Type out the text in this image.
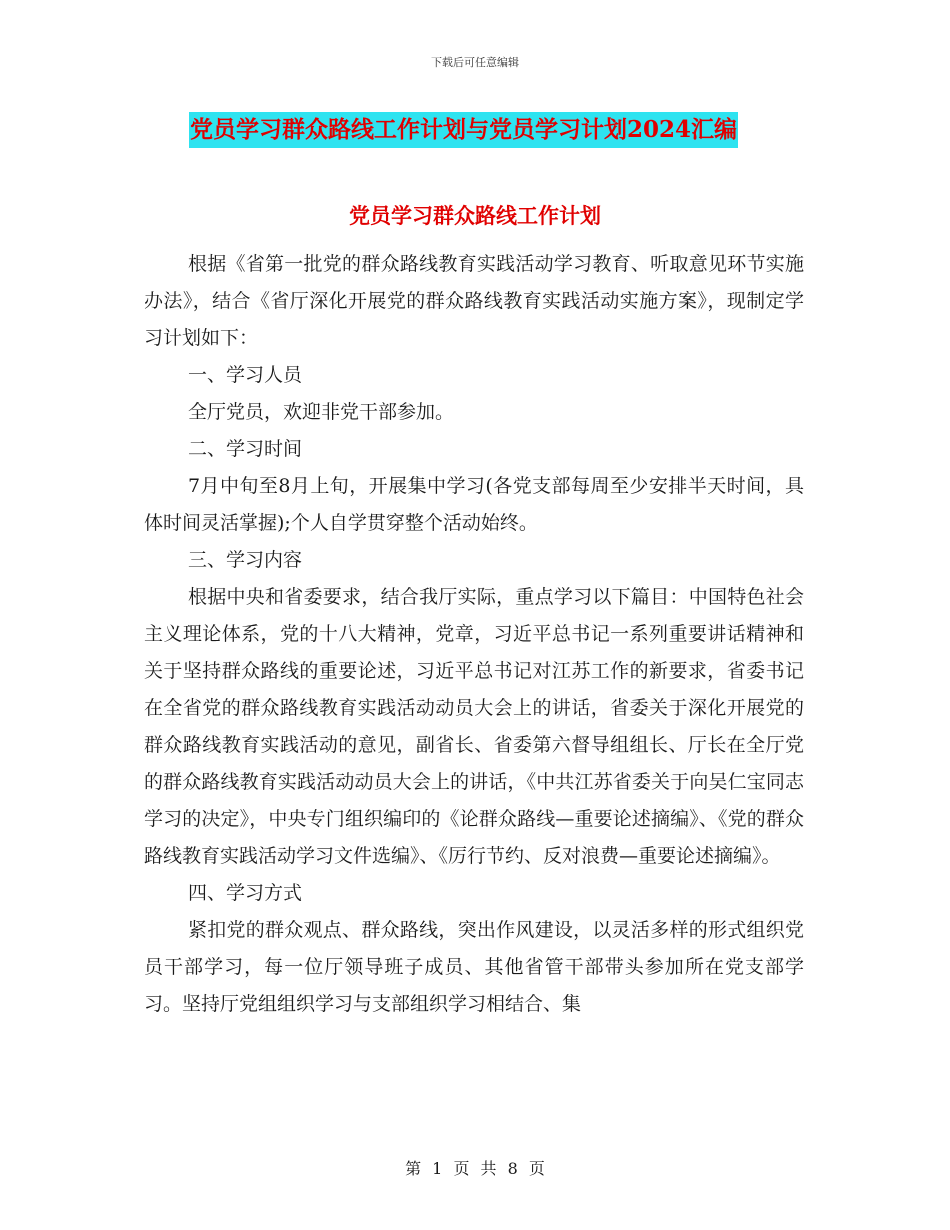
下载后可任意编辑
党员学习群众路线工作计划与党员学习计划2024汇编
党员学习群众路线工作计划

根据《省第一批党的群众路线教育实践活动学习教育、听取意见环节实施办法》，结合《省厅深化开展党的群众路线教育实践活动实施方案》，现制定学习计划如下：

一、学习人员

全厅党员，欢迎非党干部参加。

二、学习时间

7月中旬至8月上旬，开展集中学习(各党支部每周至少安排半天时间，具体时间灵活掌握);个人自学贯穿整个活动始终。

三、学习内容

根据中央和省委要求，结合我厅实际，重点学习以下篇目：中国特色社会主义理论体系，党的十八大精神，党章，习近平总书记一系列重要讲话精神和关于坚持群众路线的重要论述，习近平总书记对江苏工作的新要求，省委书记在全省党的群众路线教育实践活动动员大会上的讲话，省委关于深化开展党的群众路线教育实践活动的意见，副省长、省委第六督导组组长、厅长在全厅党的群众路线教育实践活动动员大会上的讲话，《中共江苏省委关于向吴仁宝同志学习的决定》，中央专门组织编印的《论群众路线—重要论述摘编》、《党的群众路线教育实践活动学习文件选编》、《厉行节约、反对浪费—重要论述摘编》。

四、学习方式

紧扣党的群众观点、群众路线，突出作风建设，以灵活多样的形式组织党员干部学习，每一位厅领导班子成员、其他省管干部带头参加所在党支部学习。坚持厅党组组织学习与支部组织学习相结合、集

第 1 页 共 8 页
